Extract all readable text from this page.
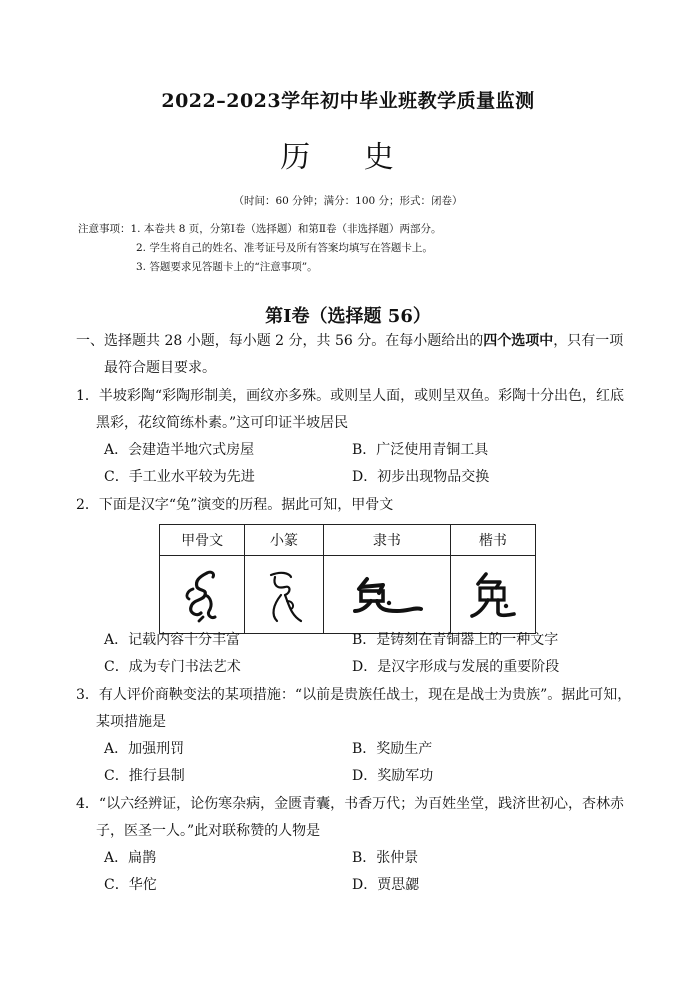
2022–2023学年初中毕业班教学质量监测
历 史
（时间：60 分钟；满分：100 分；形式：闭卷）
注意事项：1. 本卷共 8 页，分第Ⅰ卷（选择题）和第Ⅱ卷（非选择题）两部分。
2. 学生将自己的姓名、准考证号及所有答案均填写在答题卡上。
3. 答题要求见答题卡上的“注意事项”。
第Ⅰ卷（选择题 56）

一、选择题共 28 小题，每小题 2 分，共 56 分。在每小题给出的四个选项中，只有一项最符合题目要求。

1．半坡彩陶“彩陶形制美，画纹亦多殊。或则呈人面，或则呈双鱼。彩陶十分出色，红底黑彩，花纹简练朴素。”这可印证半坡居民

A．会建造半地穴式房屋	B．广泛使用青铜工具
C．手工业水平较为先进	D．初步出现物品交换

2．下面是汉字“兔”演变的历程。据此可知，甲骨文

甲骨文	小篆	隶书	楷书

A．记载内容十分丰富	B．是铸刻在青铜器上的一种文字
C．成为专门书法艺术	D．是汉字形成与发展的重要阶段

3．有人评价商鞅变法的某项措施：“以前是贵族任战士，现在是战士为贵族”。据此可知，某项措施是

A．加强刑罚	B．奖励生产
C．推行县制	D．奖励军功

4．“以六经辨证，论伤寒杂病，金匮青囊，书香万代；为百姓坐堂，践济世初心，杏林赤子，医圣一人。”此对联称赞的人物是

A．扁鹊	B．张仲景
C．华佗	D．贾思勰
